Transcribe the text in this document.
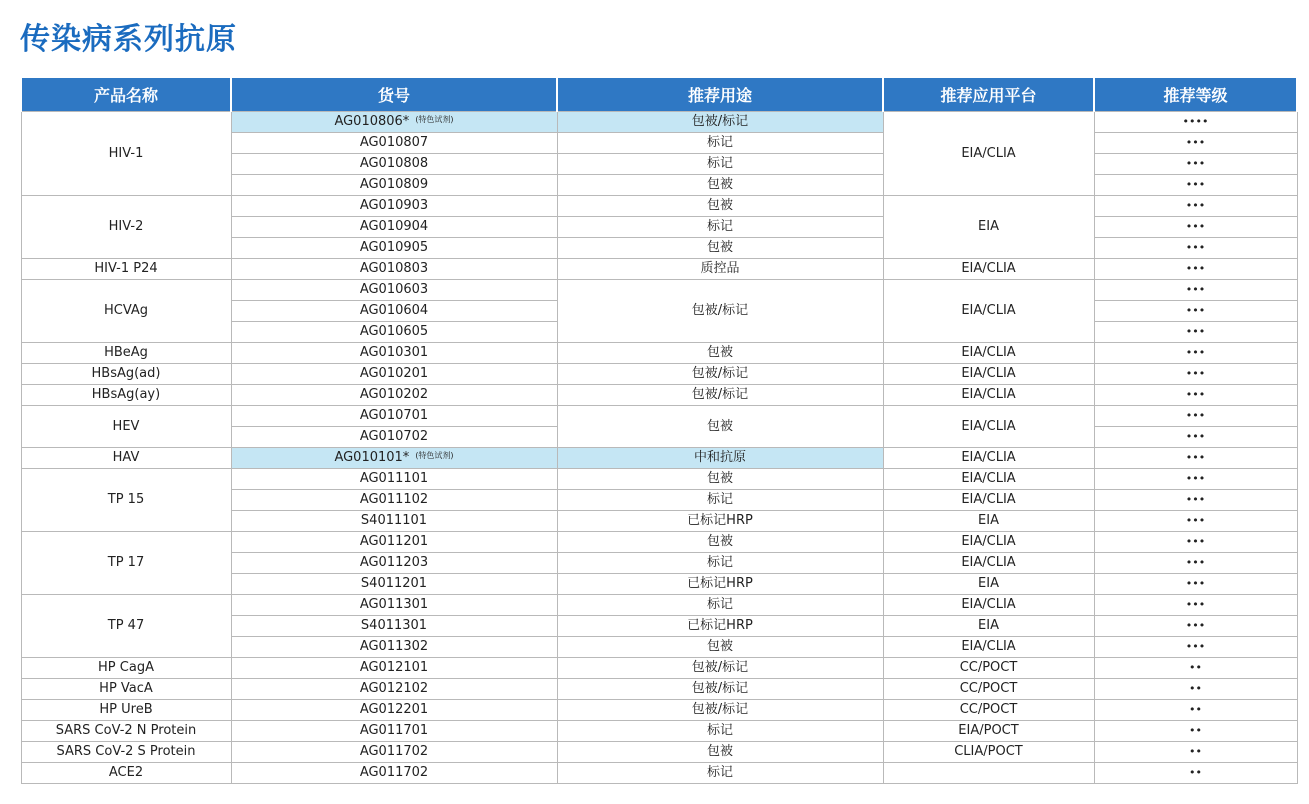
传染病系列抗原
产品名称	货号	推荐用途	推荐应用平台	推荐等级
HIV-1	AG010806* $^{(特色试剂)}$	包被/标记	EIA/CLIA	••••
	AG010807	标记		•••
	AG010808	标记		•••
	AG010809	包被		•••
HIV-2	AG010903	包被	EIA	•••
	AG010904	标记		•••
	AG010905	包被		•••
HIV-1 P24	AG010803	质控品	EIA/CLIA	•••
HCVAg	AG010603	包被/标记	EIA/CLIA	•••
	AG010604			•••
	AG010605			•••
HBeAg	AG010301	包被	EIA/CLIA	•••
HBsAg(ad)	AG010201	包被/标记	EIA/CLIA	•••
HBsAg(ay)	AG010202	包被/标记	EIA/CLIA	•••
HEV	AG010701	包被	EIA/CLIA	•••
	AG010702			•••
HAV	AG010101* $^{(特色试剂)}$	中和抗原	EIA/CLIA	•••
TP 15	AG011101	包被	EIA/CLIA	•••
	AG011102	标记	EIA/CLIA	•••
	S4011101	已标记HRP	EIA	•••
TP 17	AG011201	包被	EIA/CLIA	•••
	AG011203	标记	EIA/CLIA	•••
	S4011201	已标记HRP	EIA	•••
TP 47	AG011301	标记	EIA/CLIA	•••
	S4011301	已标记HRP	EIA	•••
	AG011302	包被	EIA/CLIA	•••
HP CagA	AG012101	包被/标记	CC/POCT	••
HP VacA	AG012102	包被/标记	CC/POCT	••
HP UreB	AG012201	包被/标记	CC/POCT	••
SARS CoV-2 N Protein	AG011701	标记	EIA/POCT	••
SARS CoV-2 S Protein	AG011702	包被	CLIA/POCT	••
ACE2	AG011702	标记		••
